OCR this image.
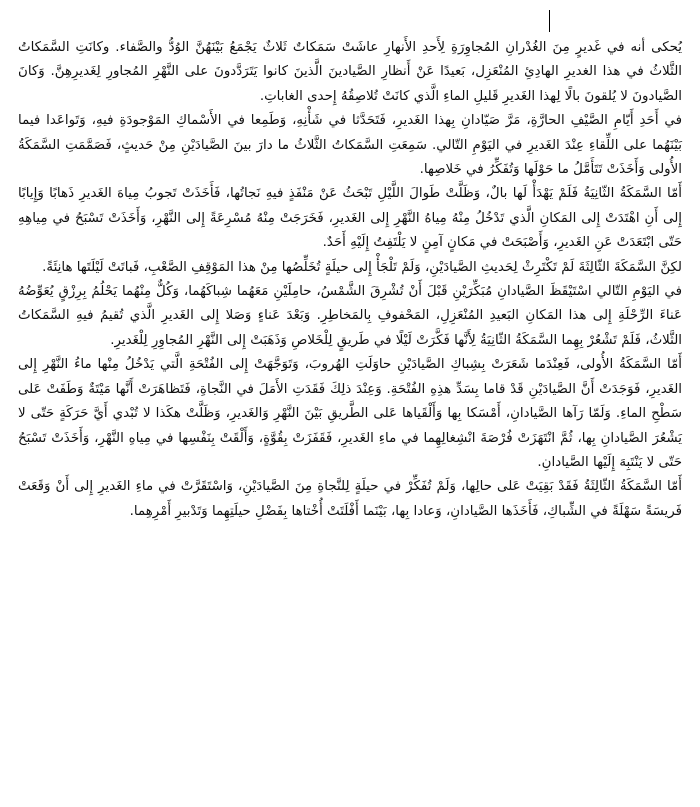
يُحكى أنه في غَديرٍ مِنَ الغُدْرانِ المُجاوِرَةِ لِأَحدِ الأَنهارِ عاشَتْ سَمَكاتٌ ثَلاثٌ يَجْمَعُ بَيْنَهُنَّ الوُدُّ والصَّفاء. وكانَتِ السَّمَكاتُ الثَّلاثُ في هذا الغديرِ الهادِئِ المُنْعَزِل، بَعيدًا عَنْ أَنظارِ الصَّيادينَ الَّذينَ كانوا يَتَرَدَّدونَ على النَّهْرِ المُجاورِ لِغَديرِهِنَّ. وَكانَ الصَّيادونَ لا يُلقونَ بالًا لِهذا الغَديرِ قَليلِ الماءِ الَّذي كانَتْ تُلاصِقُهُ إِحدى الغاباتِ.

في أَحَدِ أَيّامِ الصَّيْفِ الحارَّةِ، مَرَّ صَيّادانِ بِهذا الغَديرِ، فَتَحَدَّثا في شَأْنِهِ، وَطَمِعا في الأَسْماكِ المَوْجودَةِ فيهِ، وَتَواعَدا فيما بَيْنَهُما على اللِّقاءِ عِنْدَ الغَديرِ في اليَوْمِ التّالي. سَمِعَتِ السَّمَكاتُ الثَّلاثُ ما دارَ بينَ الصَّيادَيْنِ مِنْ حَديثٍ، فَصَمَّمَتِ السَّمَكَةُ الأُولى وَأَخَذَتْ تَتَأَمَّلُ ما حَوْلَها وَتُفَكِّرُ في خَلاصِها.

أَمّا السَّمَكَةُ الثّانِيَةُ فَلَمْ يَهْدَأْ لَها بالٌ، وَظَلَّتْ طَوالَ اللَّيْلِ تَبْحَثُ عَنْ مَنْفَذٍ فيهِ نَجاتُها، فَأَخَذَتْ تَجوبُ مِياهَ الغَديرِ ذَهابًا وَإِيابًا إِلى أَنِ اهْتَدَتْ إِلى المَكانِ الَّذي تَدْخُلُ مِنْهُ مِياهُ النَّهْرِ إِلى الغَديرِ، فَخَرَجَتْ مِنْهُ مُسْرِعَةً إِلى النَّهْرِ، وَأَخَذَتْ تَسْبَحُ في مِياهِهِ حَتّى ابْتَعَدَتْ عَنِ الغَديرِ، وَأَصْبَحَتْ في مَكانٍ آمِنٍ لا يَلْتَفِتُ إِلَيْهِ أَحَدٌ.

لكِنَّ السَّمَكَةَ الثّالِثَةَ لَمْ تَكْتَرِثْ لِحَديثِ الصَّيادَيْنِ، وَلَمْ تَلْجَأْ إِلى حيلَةٍ تُخَلِّصُها مِنْ هذا المَوْقِفِ الصَّعْبِ، فَباتَتْ لَيْلَتَها هانِئَةً.

في اليَوْمِ التّالي اسْتَيْقَظَ الصَّيادانِ مُبَكِّرَيْنِ قَبْلَ أَنْ تُشْرِقَ الشَّمْسُ، حامِلَيْنِ مَعَهُما شِباكَهُما، وَكُلٌّ مِنْهُما يَحْلُمُ بِرِزْقٍ يُعَوِّضُهُ عَناءَ الرِّحْلَةِ إِلى هذا المَكانِ البَعيدِ المُنْعَزِلِ، المَحْفوفِ بِالمَخاطِرِ. وَبَعْدَ عَناءٍ وَصَلا إِلى الغَديرِ الَّذي تُقيمُ فيهِ السَّمَكاتُ الثَّلاثُ، فَلَمْ تَشْعُرْ بِهِما السَّمَكَةُ الثّانِيَةُ لِأَنَّها فَكَّرَتْ لَيْلًا في طَريقٍ لِلْخَلاصِ وَذَهَبَتْ إِلى النَّهْرِ المُجاوِرِ لِلْغَديرِ.

أَمّا السَّمَكَةُ الأُولى، فَعِنْدَما شَعَرَتْ بِشِباكِ الصَّيادَيْنِ حاوَلَتِ الهُروبَ، وَتَوَجَّهَتْ إِلى الفُتْحَةِ الَّتي يَدْخُلُ مِنْها ماءُ النَّهْرِ إِلى الغَديرِ، فَوَجَدَتْ أَنَّ الصَّيادَيْنِ قَدْ قاما بِسَدِّ هذِهِ الفُتْحَةِ. وَعِنْدَ ذلِكَ فَقَدَتِ الأَمَلَ في النَّجاةِ، فَتَظاهَرَتْ أَنَّها مَيْتَةٌ وَطَفَتْ عَلى سَطْحِ الماءِ. وَلَمّا رَآها الصَّيادانِ، أَمْسَكا بِها وَأَلْقَياها عَلى الطَّريقِ بَيْنَ النَّهْرِ وَالغَديرِ، وَظَلَّتْ هكَذا لا تُبْدي أَيَّ حَرَكَةٍ حَتّى لا يَشْعُرَ الصَّيادانِ بِها، ثُمَّ انْتَهَزَتْ فُرْصَةَ انْشِغالِهِما في ماءِ الغَديرِ، فَقَفَزَتْ بِقُوَّةٍ، وَأَلْقَتْ بِنَفْسِها في مِياهِ النَّهْرِ، وَأَخَذَتْ تَسْبَحُ حَتّى لا يَنْتَبِهَ إِلَيْها الصَّيادانِ.

أَمّا السَّمَكَةُ الثّالِثَةُ فَقَدْ بَقِيَتْ عَلى حالِها، وَلَمْ تُفَكِّرْ في حيلَةٍ لِلنَّجاةِ مِنَ الصَّيادَيْنِ، وَاسْتَقَرَّتْ في ماءِ الغَديرِ إِلى أَنْ وَقَعَتْ فَريسَةً سَهْلَةً في الشِّباكِ، فَأَخَذَها الصَّيادانِ، وَعادا بِها، بَيْنَما أَفْلَتَتْ أُخْتاها بِفَضْلِ حيلَتِهِما وَتَدْبيرِ أَمْرِهِما.
